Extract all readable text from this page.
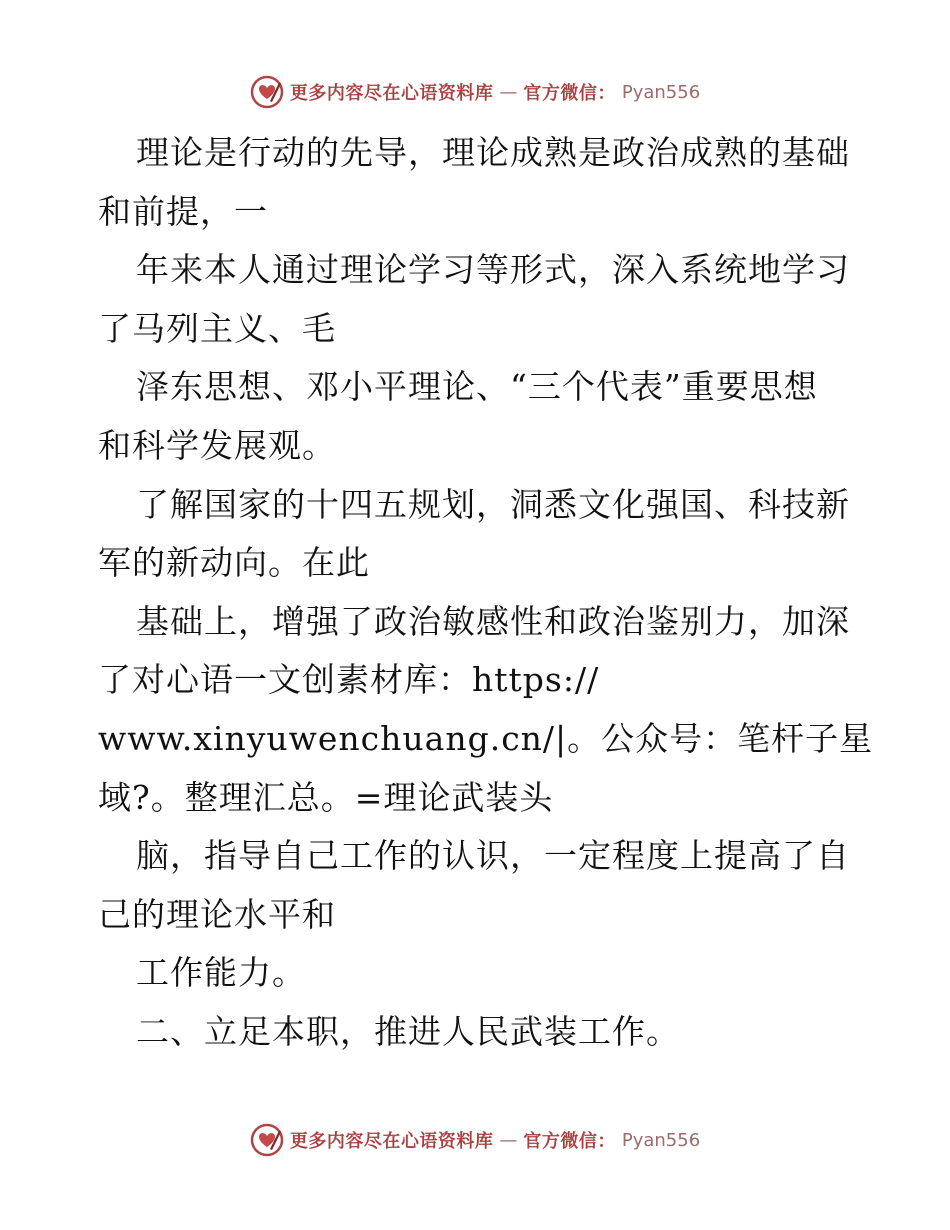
更多内容尽在心语资料库 — 官方微信： Pyan556
理论是行动的先导，理论成熟是政治成熟的基础
和前提，一
年来本人通过理论学习等形式，深入系统地学习
了马列主义、毛
泽东思想、邓小平理论、“三个代表”重要思想
和科学发展观。
了解国家的十四五规划，洞悉文化强国、科技新
军的新动向。在此
基础上，增强了政治敏感性和政治鉴别力，加深
了对心语一文创素材库：https://
www.xinyuwenchuang.cn/|。公众号：笔杆子星
域?。整理汇总。=理论武装头
脑，指导自己工作的认识，一定程度上提高了自
己的理论水平和
工作能力。
二、立足本职，推进人民武装工作。
更多内容尽在心语资料库 — 官方微信： Pyan556
